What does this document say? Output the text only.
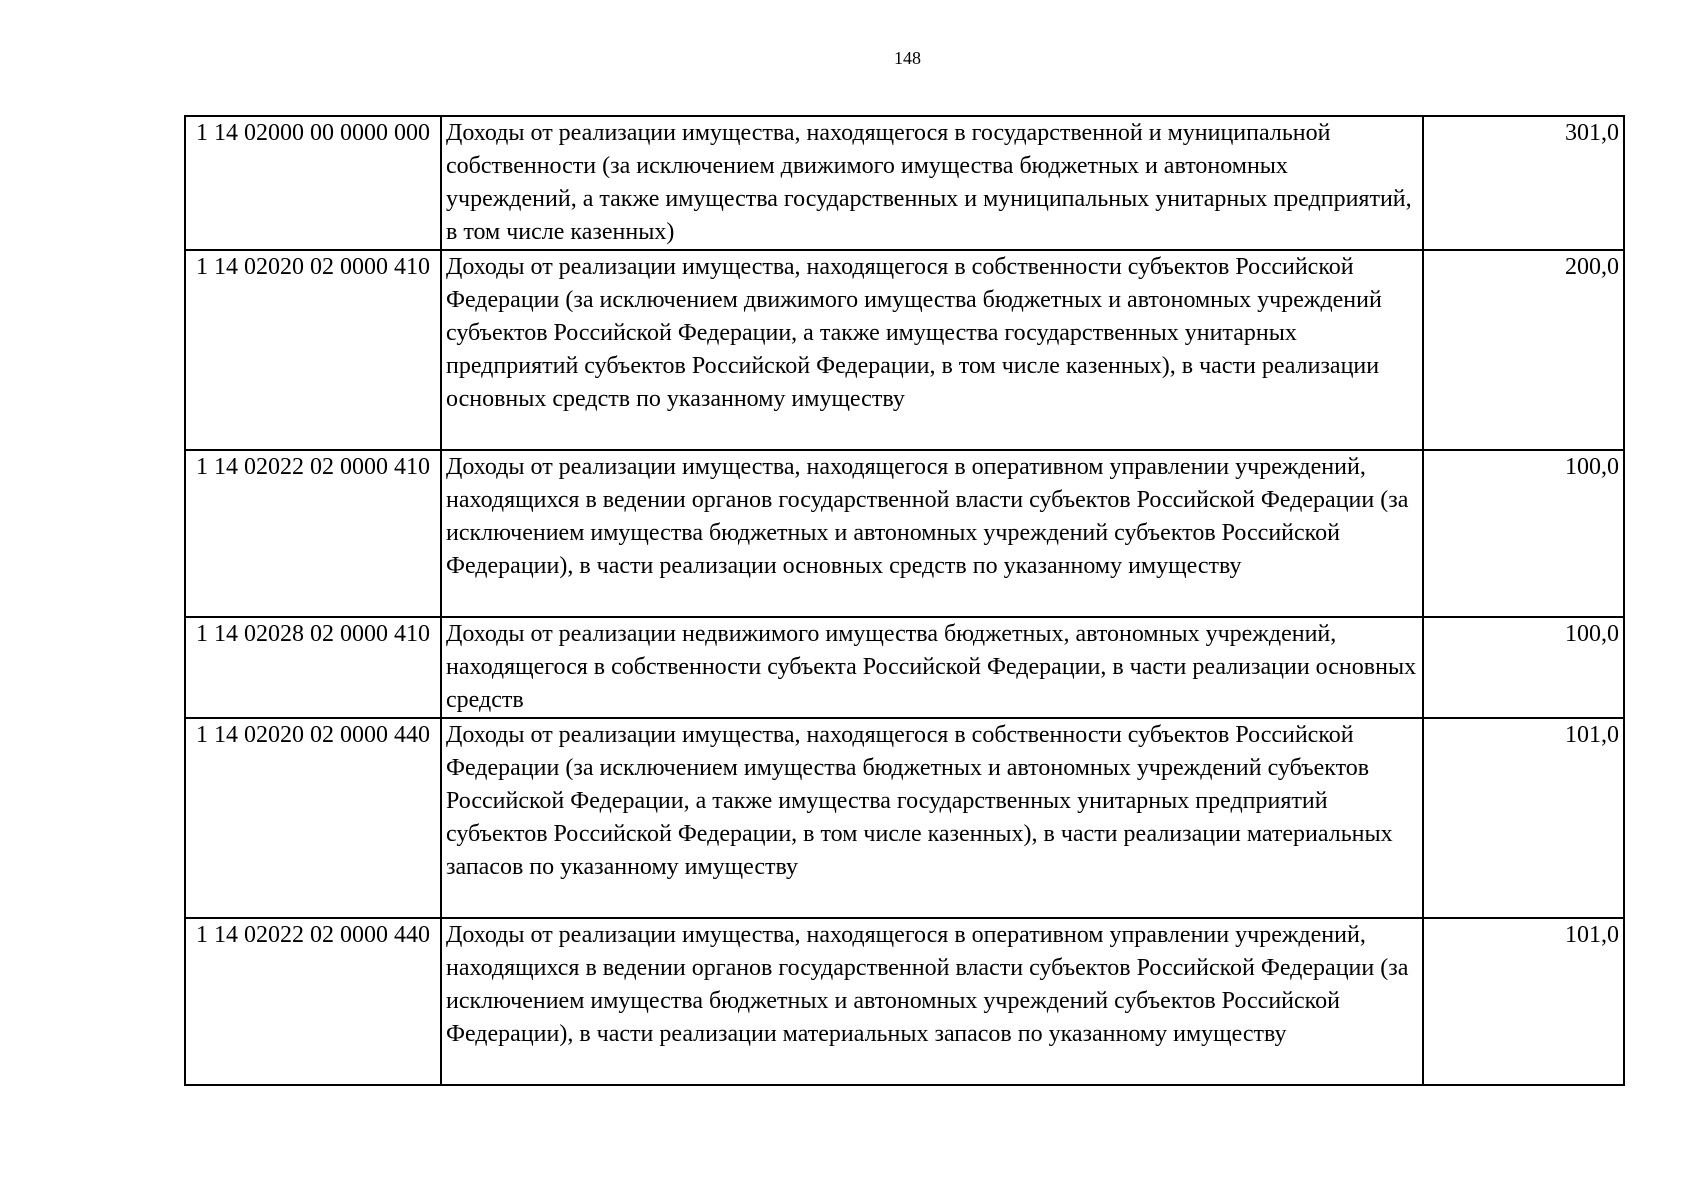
148
1 14 02000 00 0000 000	Доходы от реализации имущества, находящегося в государственной и муниципальной собственности (за исключением движимого имущества бюджетных и автономных учреждений, а также имущества государственных и муниципальных унитарных предприятий, в том числе казенных)	301,0
1 14 02020 02 0000 410	Доходы от реализации имущества, находящегося в собственности субъектов Российской Федерации (за исключением движимого имущества бюджетных и автономных учреждений субъектов Российской Федерации, а также имущества государственных унитарных предприятий субъектов Российской Федерации, в том числе казенных), в части реализации основных средств по указанному имуществу	200,0
1 14 02022 02 0000 410	Доходы от реализации имущества, находящегося в оперативном управлении учреждений, находящихся в ведении органов государственной власти субъектов Российской Федерации (за исключением имущества бюджетных и автономных учреждений субъектов Российской Федерации), в части реализации основных средств по указанному имуществу	100,0
1 14 02028 02 0000 410	Доходы от реализации недвижимого имущества бюджетных, автономных учреждений, находящегося в собственности субъекта Российской Федерации, в части реализации основных средств	100,0
1 14 02020 02 0000 440	Доходы от реализации имущества, находящегося в собственности субъектов Российской Федерации (за исключением имущества бюджетных и автономных учреждений субъектов Российской Федерации, а также имущества государственных унитарных предприятий субъектов Российской Федерации, в том числе казенных), в части реализации материальных запасов по указанному имуществу	101,0
1 14 02022 02 0000 440	Доходы от реализации имущества, находящегося в оперативном управлении учреждений, находящихся в ведении органов государственной власти субъектов Российской Федерации (за исключением имущества бюджетных и автономных учреждений субъектов Российской Федерации), в части реализации материальных запасов по указанному имуществу	101,0
